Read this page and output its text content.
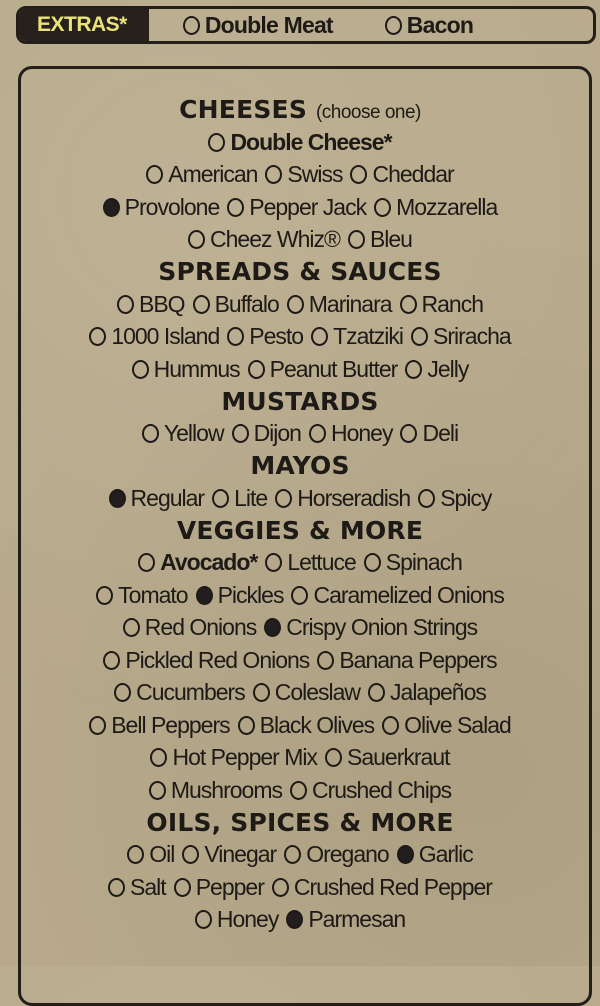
EXTRAS*	Double Meat	Bacon
CHEESES (choose one)
Double Cheese*
American Swiss Cheddar
Provolone Pepper Jack Mozzarella
Cheez Whiz® Bleu
SPREADS & SAUCES
BBQ Buffalo Marinara Ranch
1000 Island Pesto Tzatziki Sriracha
Hummus Peanut Butter Jelly
MUSTARDS
Yellow Dijon Honey Deli
MAYOS
Regular Lite Horseradish Spicy
VEGGIES & MORE
Avocado* Lettuce Spinach
Tomato Pickles Caramelized Onions
Red Onions Crispy Onion Strings
Pickled Red Onions Banana Peppers
Cucumbers Coleslaw Jalapeños
Bell Peppers Black Olives Olive Salad
Hot Pepper Mix Sauerkraut
Mushrooms Crushed Chips
OILS, SPICES & MORE
Oil Vinegar Oregano Garlic
Salt Pepper Crushed Red Pepper
Honey Parmesan
